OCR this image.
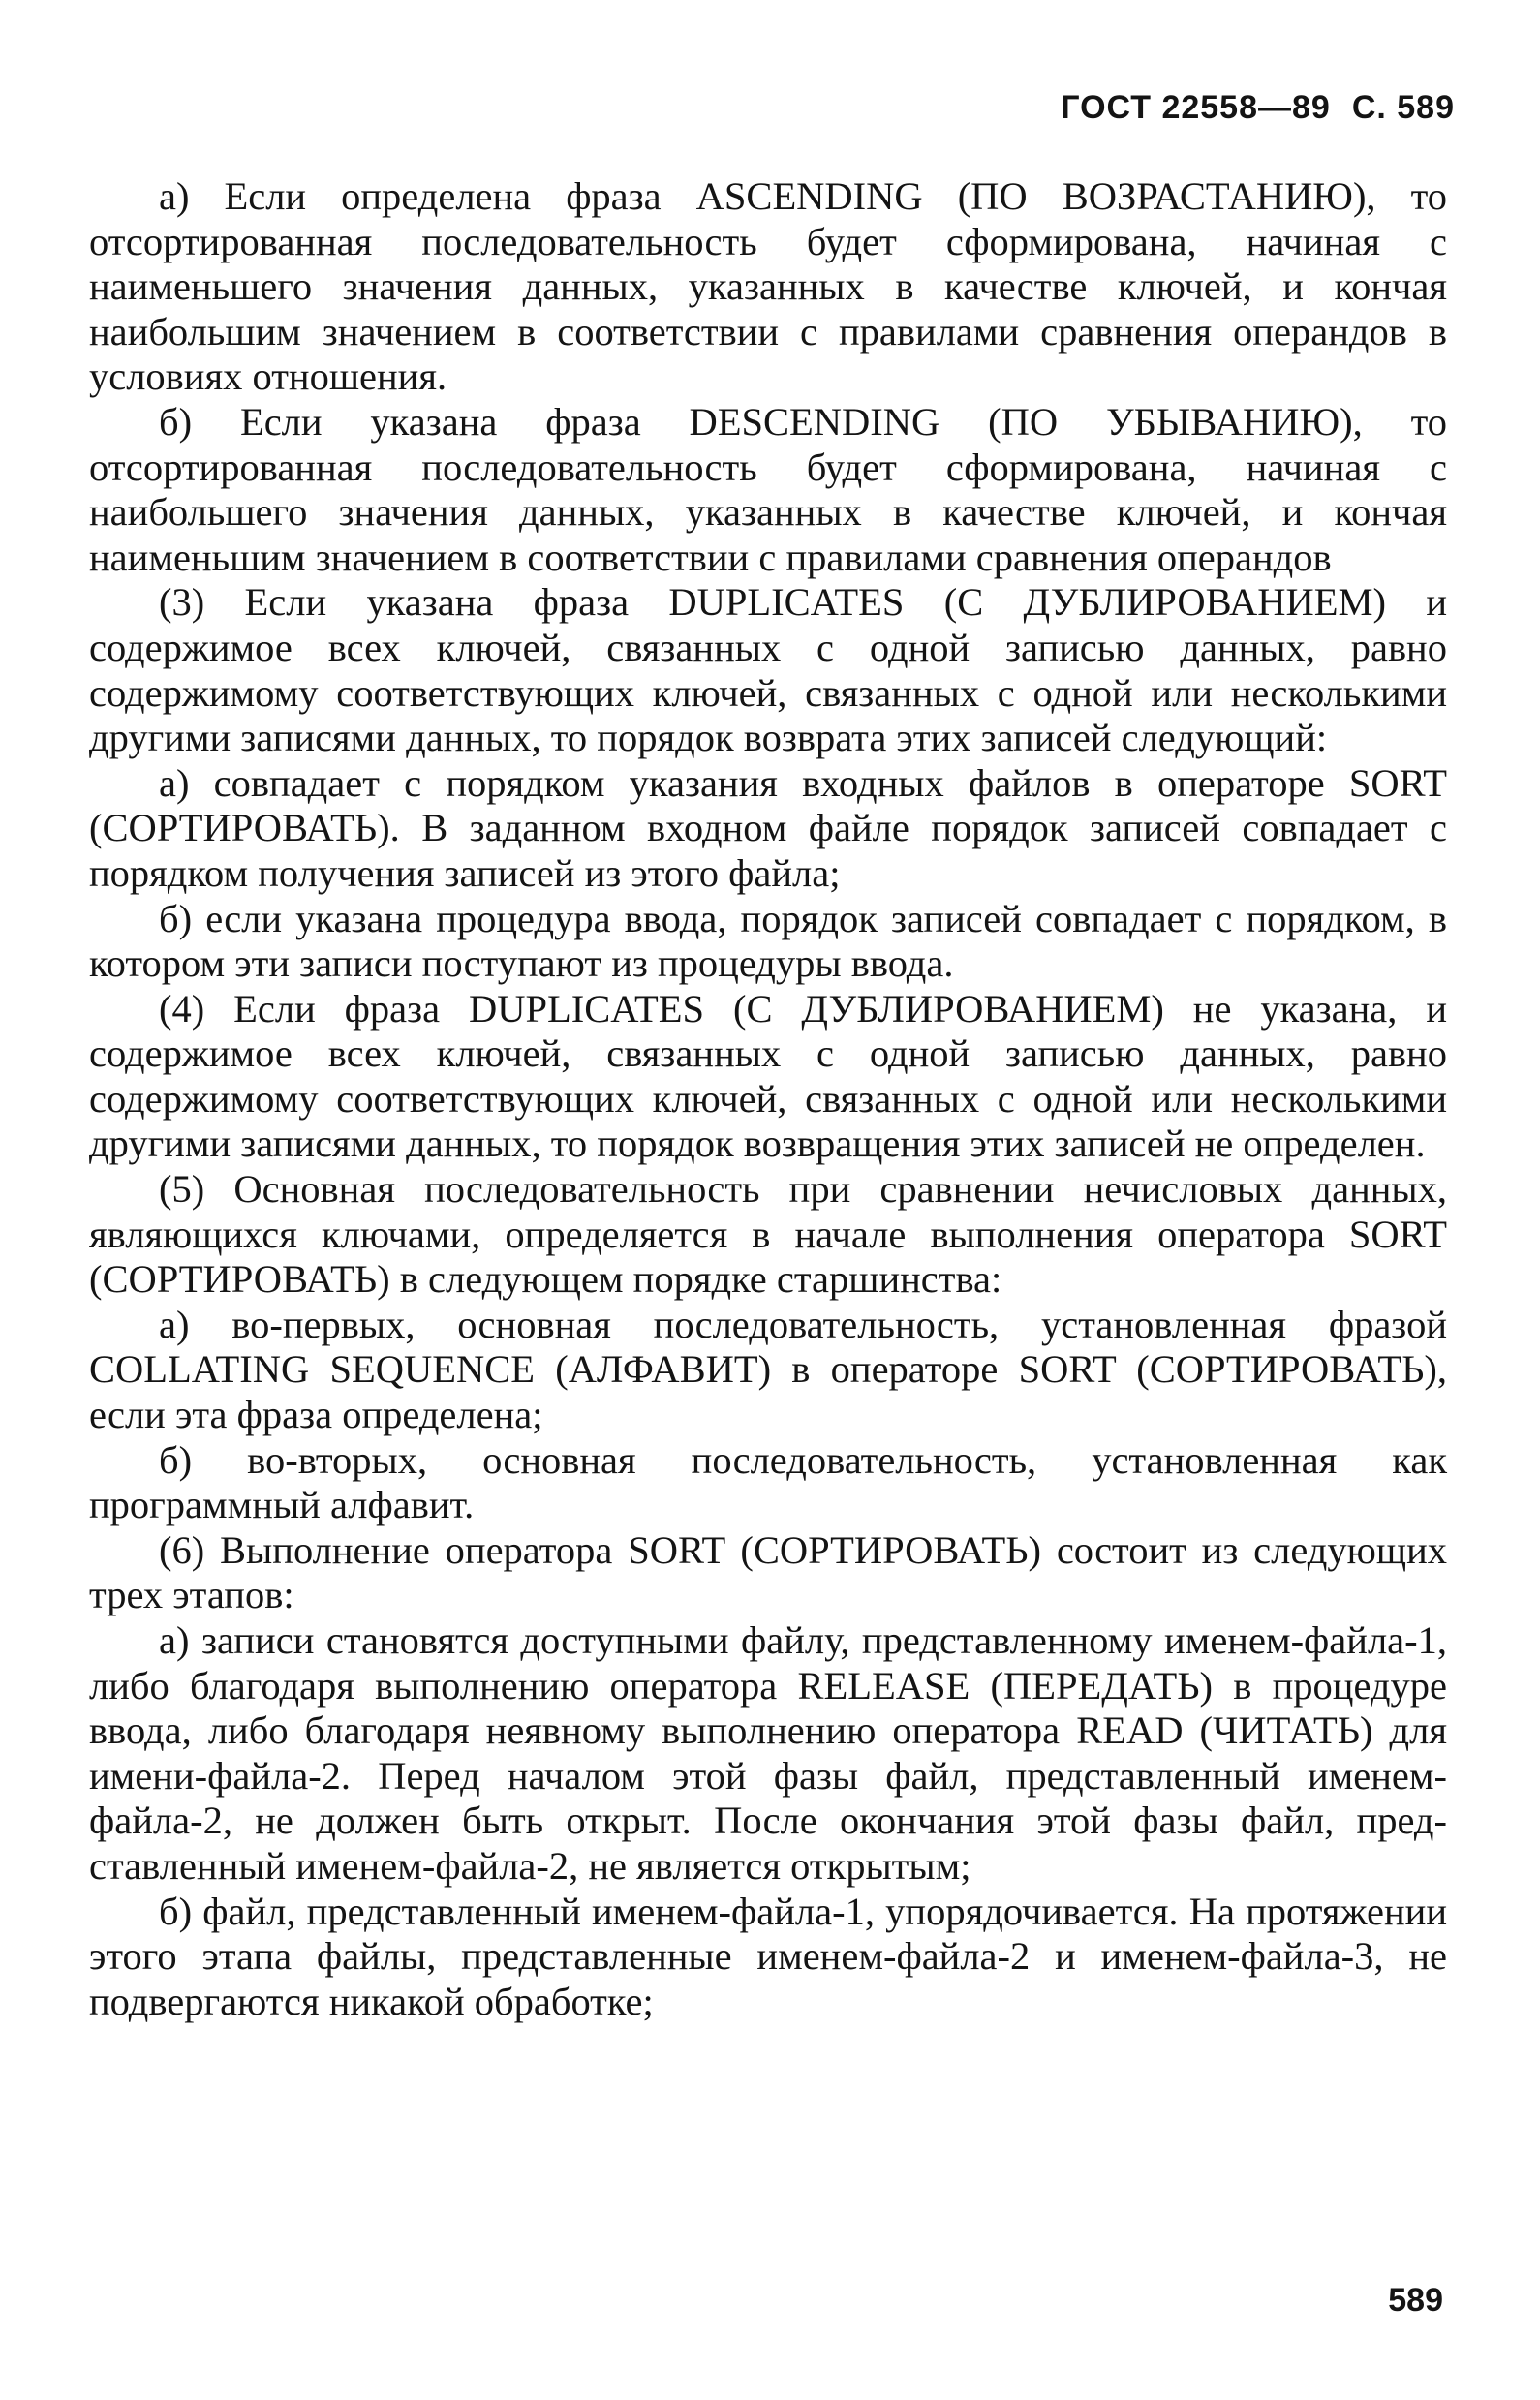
ГОСТ 22558—89 С. 589

а) Если определена фраза ASCENDING (ПО ВОЗРАСТАНИЮ), то отсортированная последовательность будет сформирована, начиная с наименьшего значения данных, указанных в качестве ключей, и кончая наибольшим значением в соответствии с правилами сравнения операндов в условиях отношения.

б) Если указана фраза DESCENDING (ПО УБЫВАНИЮ), то отсортированная последовательность будет сформирована, начиная с наибольшего значения данных, указанных в качестве ключей, и кончая наименьшим значением в соответствии с правилами сравнения операндов

(3) Если указана фраза DUPLICATES (С ДУБЛИРОВАНИЕМ) и содержимое всех ключей, связанных с одной записью данных, равно содержимому соответствующих ключей, связанных с одной или несколькими другими записями данных, то порядок возврата этих записей следующий:

а) совпадает с порядком указания входных файлов в операторе SORT (СОРТИРОВАТЬ). В заданном входном файле порядок записей совпадает с порядком получения записей из этого файла;

б) если указана процедура ввода, порядок записей совпадает с порядком, в котором эти записи поступают из процедуры ввода.

(4) Если фраза DUPLICATES (С ДУБЛИРОВАНИЕМ) не указана, и содержимое всех ключей, связанных с одной записью данных, равно содержимому соответствующих ключей, связанных с одной или несколькими другими записями данных, то порядок возвращения этих записей не определен.

(5) Основная последовательность при сравнении нечисловых данных, являющихся ключами, определяется в начале выполнения оператора SORT (СОРТИРОВАТЬ) в следующем порядке старшинства:

а) во-первых, основная последовательность, установленная фразой COLLATING SEQUENCE (АЛФАВИТ) в операторе SORT (СОРТИРОВАТЬ), если эта фраза определена;

б) во-вторых, основная последовательность, установленная как программный алфавит.

(6) Выполнение оператора SORT (СОРТИРОВАТЬ) состоит из следующих трех этапов:

а) записи становятся доступными файлу, представленному именем-файла-1, либо благодаря выполнению оператора RELEASE (ПЕРЕДАТЬ) в процедуре ввода, либо благодаря неявному выполнению оператора READ (ЧИТАТЬ) для имени-файла-2. Перед началом этой фазы файл, представленный именем-файла-2, не должен быть открыт. После окончания этой фазы файл, представленный именем-файла-2, не является открытым;

б) файл, представленный именем-файла-1, упорядочивается. На протяжении этого этапа файлы, представленные именем-файла-2 и именем-файла-3, не подвергаются никакой обработке;

589
